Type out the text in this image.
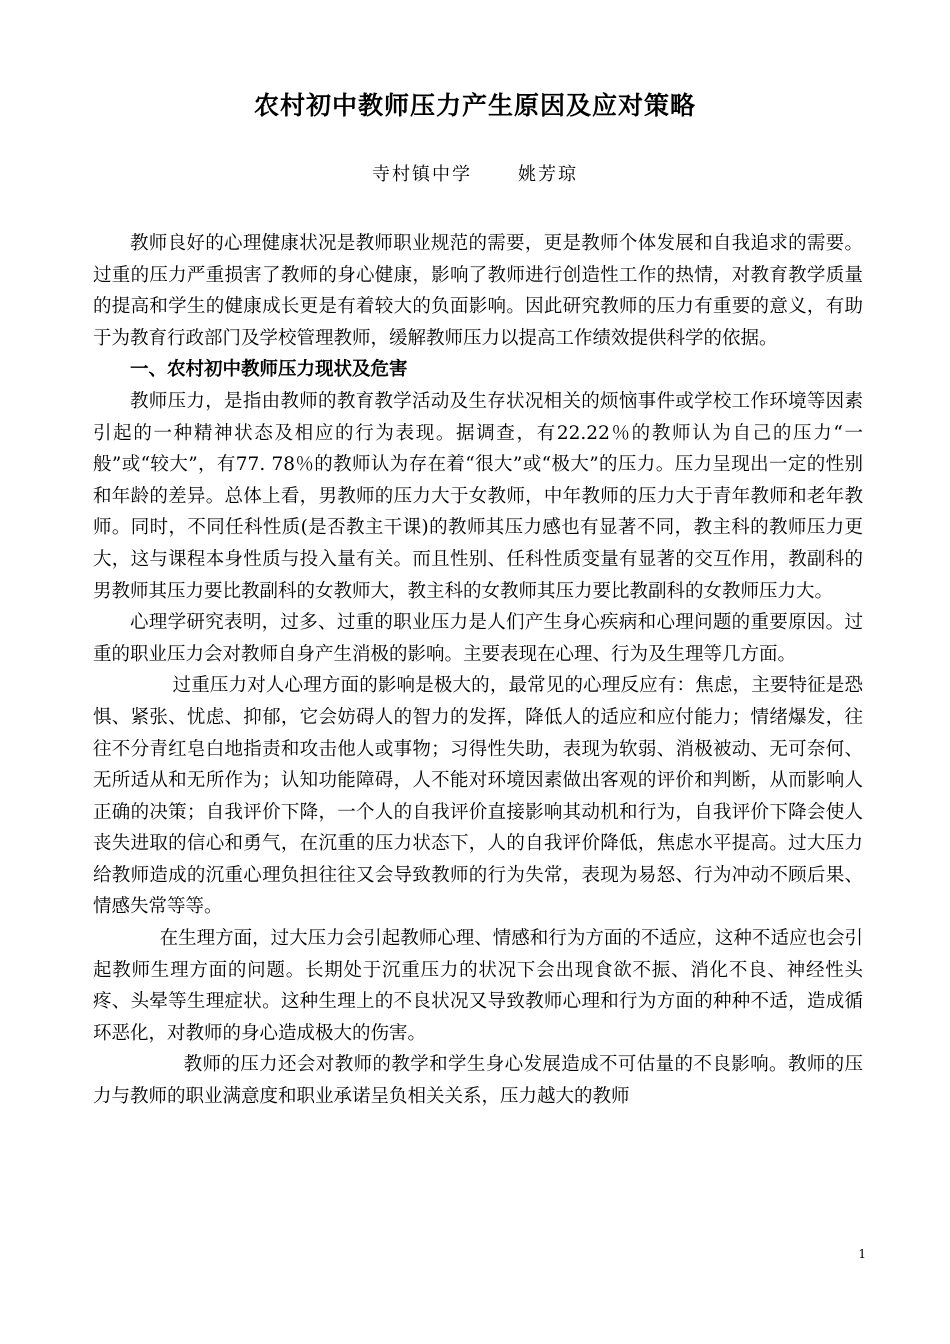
农村初中教师压力产生原因及应对策略
寺村镇中学	姚芳琼

教师良好的心理健康状况是教师职业规范的需要，更是教师个体发展和自我追求的需要。过重的压力严重损害了教师的身心健康，影响了教师进行创造性工作的热情，对教育教学质量的提高和学生的健康成长更是有着较大的负面影响。因此研究教师的压力有重要的意义，有助于为教育行政部门及学校管理教师，缓解教师压力以提高工作绩效提供科学的依据。

一、农村初中教师压力现状及危害

教师压力，是指由教师的教育教学活动及生存状况相关的烦恼事件或学校工作环境等因素引起的一种精神状态及相应的行为表现。据调查，有22.22％的教师认为自己的压力“一般”或“较大”，有77. 78％的教师认为存在着“很大”或“极大”的压力。压力呈现出一定的性别和年龄的差异。总体上看，男教师的压力大于女教师，中年教师的压力大于青年教师和老年教师。同时，不同任科性质(是否教主干课)的教师其压力感也有显著不同，教主科的教师压力更大，这与课程本身性质与投入量有关。而且性别、任科性质变量有显著的交互作用，教副科的男教师其压力要比教副科的女教师大，教主科的女教师其压力要比教副科的女教师压力大。

心理学研究表明，过多、过重的职业压力是人们产生身心疾病和心理问题的重要原因。过重的职业压力会对教师自身产生消极的影响。主要表现在心理、行为及生理等几方面。

过重压力对人心理方面的影响是极大的，最常见的心理反应有：焦虑，主要特征是恐惧、紧张、忧虑、抑郁，它会妨碍人的智力的发挥，降低人的适应和应付能力；情绪爆发，往往不分青红皂白地指责和攻击他人或事物；习得性失助，表现为软弱、消极被动、无可奈何、无所适从和无所作为；认知功能障碍，人不能对环境因素做出客观的评价和判断，从而影响人正确的决策；自我评价下降，一个人的自我评价直接影响其动机和行为，自我评价下降会使人丧失进取的信心和勇气，在沉重的压力状态下，人的自我评价降低，焦虑水平提高。过大压力给教师造成的沉重心理负担往往又会导致教师的行为失常，表现为易怒、行为冲动不顾后果、情感失常等等。

在生理方面，过大压力会引起教师心理、情感和行为方面的不适应，这种不适应也会引起教师生理方面的问题。长期处于沉重压力的状况下会出现食欲不振、消化不良、神经性头疼、头晕等生理症状。这种生理上的不良状况又导致教师心理和行为方面的种种不适，造成循环恶化，对教师的身心造成极大的伤害。

教师的压力还会对教师的教学和学生身心发展造成不可估量的不良影响。教师的压力与教师的职业满意度和职业承诺呈负相关关系，压力越大的教师

1
